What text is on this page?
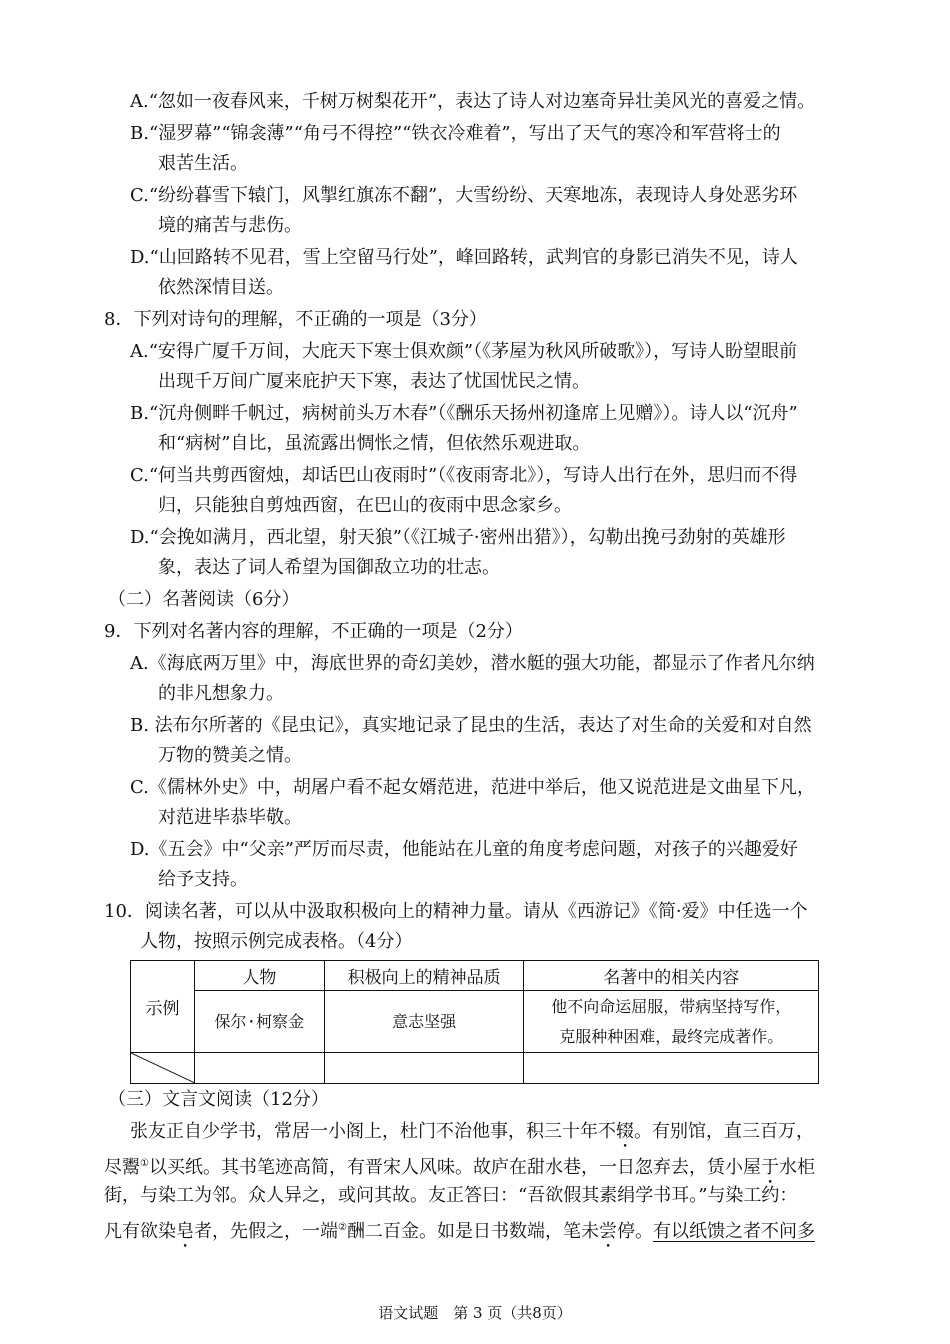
A.“忽如一夜春风来，千树万树梨花开”，表达了诗人对边塞奇异壮美风光的喜爱之情。
B.“湿罗幕”“锦衾薄”“角弓不得控”“铁衣冷难着”，写出了天气的寒冷和军营将士的
艰苦生活。
C.“纷纷暮雪下辕门，风掣红旗冻不翻”，大雪纷纷、天寒地冻，表现诗人身处恶劣环
境的痛苦与悲伤。
D.“山回路转不见君，雪上空留马行处”，峰回路转，武判官的身影已消失不见，诗人
依然深情目送。
8．下列对诗句的理解，不正确的一项是（3分）
A.“安得广厦千万间，大庇天下寒士俱欢颜”（《茅屋为秋风所破歌》），写诗人盼望眼前
出现千万间广厦来庇护天下寒，表达了忧国忧民之情。
B.“沉舟侧畔千帆过，病树前头万木春”（《酬乐天扬州初逢席上见赠》）。诗人以“沉舟”
和“病树”自比，虽流露出惆怅之情，但依然乐观进取。
C.“何当共剪西窗烛，却话巴山夜雨时”（《夜雨寄北》），写诗人出行在外，思归而不得
归，只能独自剪烛西窗，在巴山的夜雨中思念家乡。
D.“会挽如满月，西北望，射天狼”（《江城子·密州出猎》），勾勒出挽弓劲射的英雄形
象，表达了词人希望为国御敌立功的壮志。
（二）名著阅读（6分）
9．下列对名著内容的理解，不正确的一项是（2分）
A.《海底两万里》中，海底世界的奇幻美妙，潜水艇的强大功能，都显示了作者凡尔纳
的非凡想象力。
B. 法布尔所著的《昆虫记》，真实地记录了昆虫的生活，表达了对生命的关爱和对自然
万物的赞美之情。
C.《儒林外史》中，胡屠户看不起女婿范进，范进中举后，他又说范进是文曲星下凡，
对范进毕恭毕敬。
D.《五会》中“父亲”严厉而尽责，他能站在儿童的角度考虑问题，对孩子的兴趣爱好
给予支持。
10．阅读名著，可以从中汲取积极向上的精神力量。请从《西游记》《简·爱》中任选一个
人物，按照示例完成表格。（4分）
示例	人物	积极向上的精神品质	名著中的相关内容
	保尔·柯察金	意志坚强	他不向命运屈服，带病坚持写作，
克服种种困难，最终完成著作。

（三）文言文阅读（12分）
张友正自少学书，常居一小阁上，杜门不治他事，积三十年不辍。有别馆，直三百万，
尽鬻①以买纸。其书笔迹高简，有晋宋人风味。故庐在甜水巷，一日忽弃去，赁小屋于水柜
街，与染工为邻。众人异之，或问其故。友正答曰：“吾欲假其素绢学书耳。”与染工约：
凡有欲染皂者，先假之，一端②酬二百金。如是日书数端，笔未尝停。有以纸馈之者不问多
语文试题　第 3 页（共8页）
